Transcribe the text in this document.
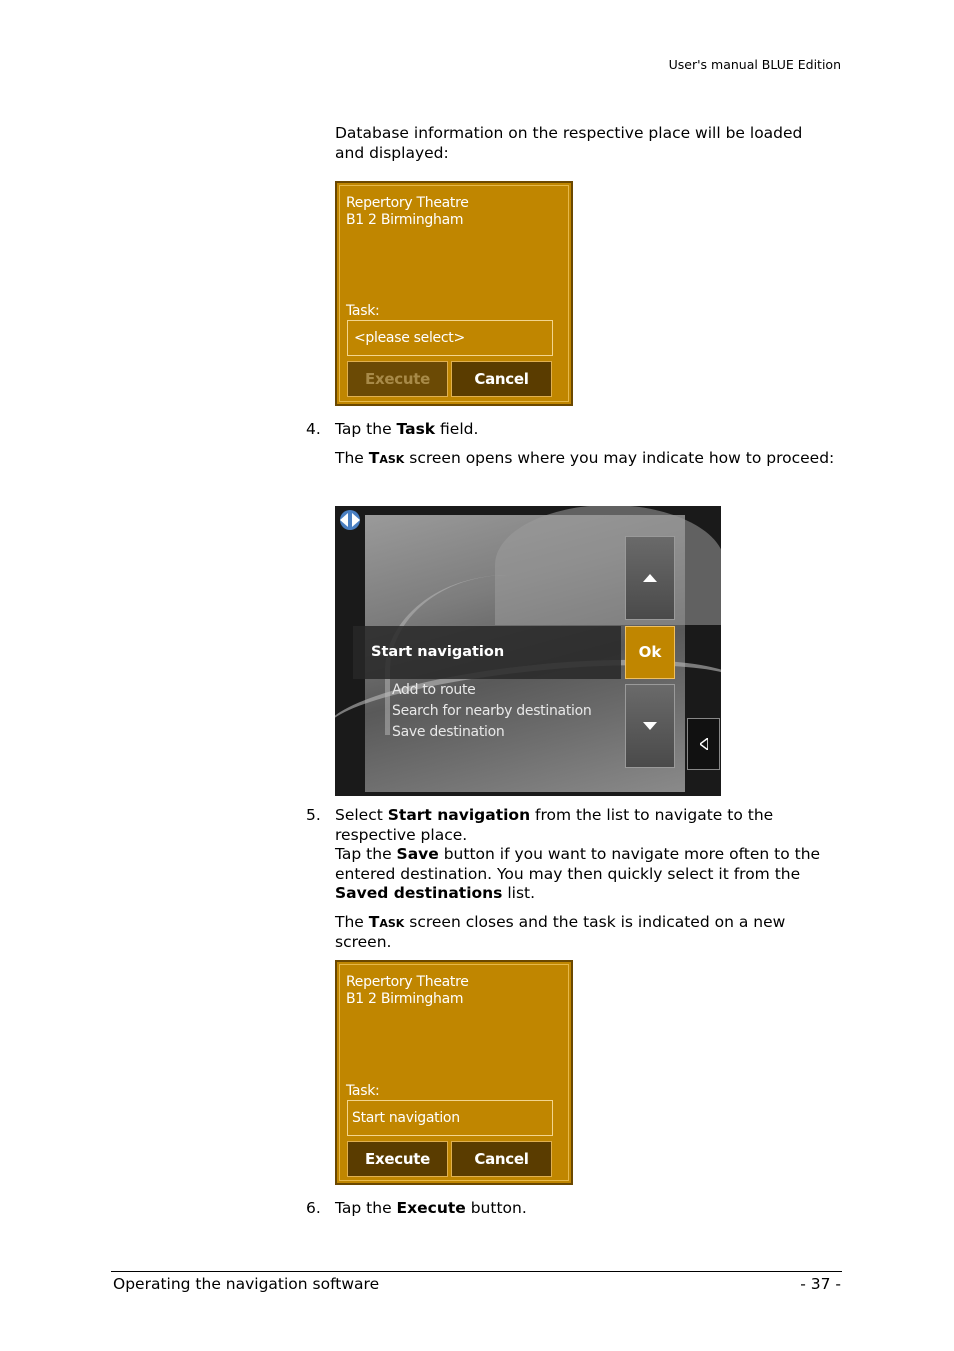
User's manual BLUE Edition
Database information on the respective place will be loaded and displayed:
Repertory Theatre
B1 2 Birmingham
Task:
<please select>
Execute	Cancel
4. Tap the Task field.
The Task screen opens where you may indicate how to proceed:
Start navigation
Add to route
Search for nearby destination
Save destination
Ok
5. Select Start navigation from the list to navigate to the respective place.
Tap the Save button if you want to navigate more often to the entered destination. You may then quickly select it from the Saved destinations list.
The Task screen closes and the task is indicated on a new screen.
Repertory Theatre
B1 2 Birmingham
Task:
Start navigation
Execute	Cancel
6. Tap the Execute button.
Operating the navigation software	- 37 -
